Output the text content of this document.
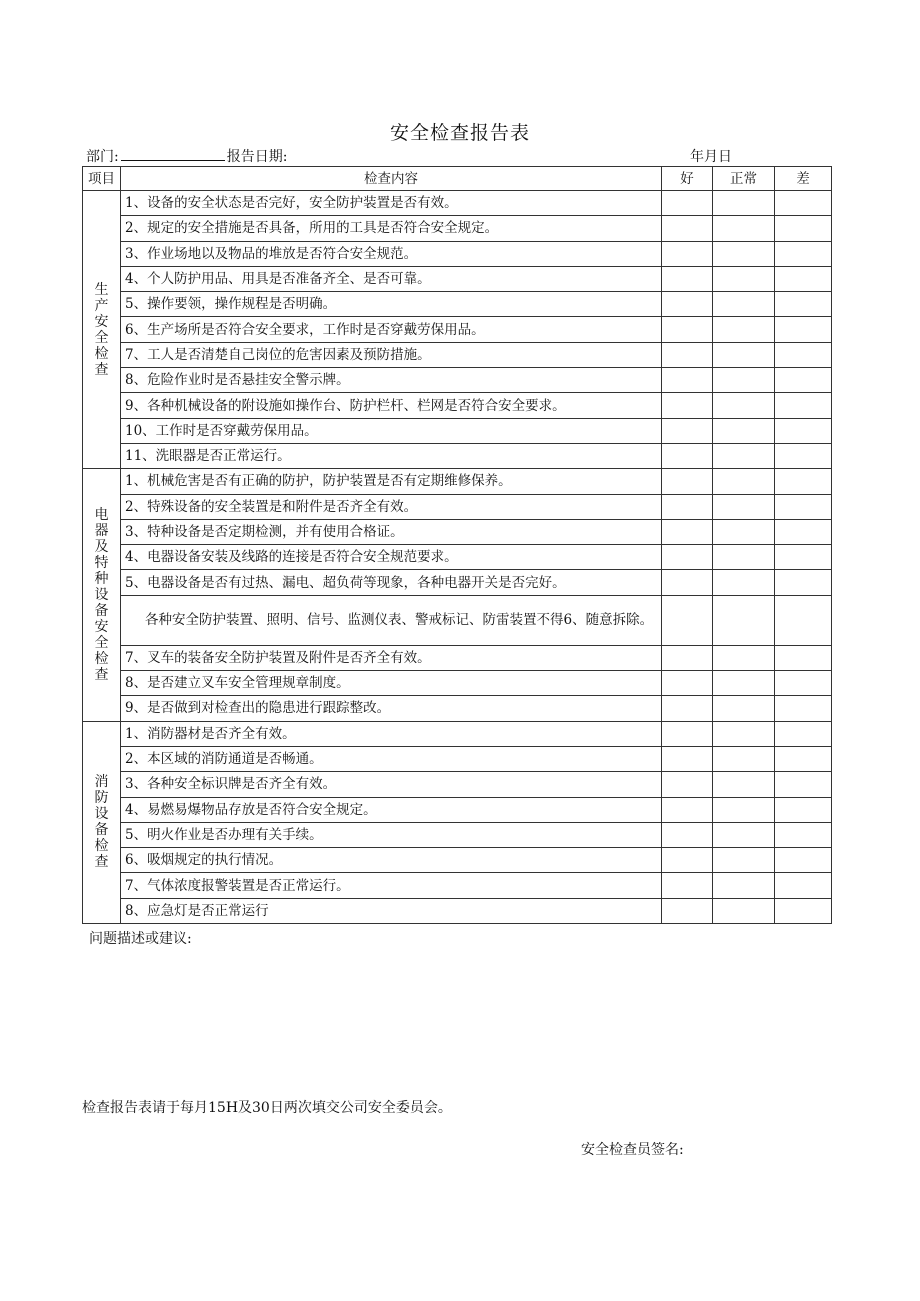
安全检查报告表
部门:	报告日期:	年月日
项目	检查内容	好	正常	差
生产安全检查	1、设备的安全状态是否完好，安全防护装置是否有效。			
	2、规定的安全措施是否具备，所用的工具是否符合安全规定。			
	3、作业场地以及物品的堆放是否符合安全规范。			
	4、个人防护用品、用具是否准备齐全、是否可靠。			
	5、操作要领，操作规程是否明确。			
	6、生产场所是否符合安全要求，工作时是否穿戴劳保用品。			
	7、工人是否清楚自己岗位的危害因素及预防措施。			
	8、危险作业时是否悬挂安全警示牌。			
	9、各种机械设备的附设施如操作台、防护栏杆、栏网是否符合安全要求。			
	10、工作时是否穿戴劳保用品。			
	11、洗眼器是否正常运行。			
电器及特种设备安全检查	1、机械危害是否有正确的防护，防护装置是否有定期维修保养。			
	2、特殊设备的安全装置是和附件是否齐全有效。			
	3、特种设备是否定期检测，并有使用合格证。			
	4、电器设备安装及线路的连接是否符合安全规范要求。			
	5、电器设备是否有过热、漏电、超负荷等现象，各种电器开关是否完好。			
	各种安全防护装置、照明、信号、监测仪表、警戒标记、防雷装置不得6、随意拆除。			
	7、叉车的装备安全防护装置及附件是否齐全有效。			
	8、是否建立叉车安全管理规章制度。			
	9、是否做到对检查出的隐患进行跟踪整改。			
消防设备检查	1、消防器材是否齐全有效。			
	2、本区域的消防通道是否畅通。			
	3、各种安全标识牌是否齐全有效。			
	4、易燃易爆物品存放是否符合安全规定。			
	5、明火作业是否办理有关手续。			
	6、吸烟规定的执行情况。			
	7、气体浓度报警装置是否正常运行。			
	8、应急灯是否正常运行			
问题描述或建议:
检查报告表请于每月15H及30日两次填交公司安全委员会。
安全检查员签名:
